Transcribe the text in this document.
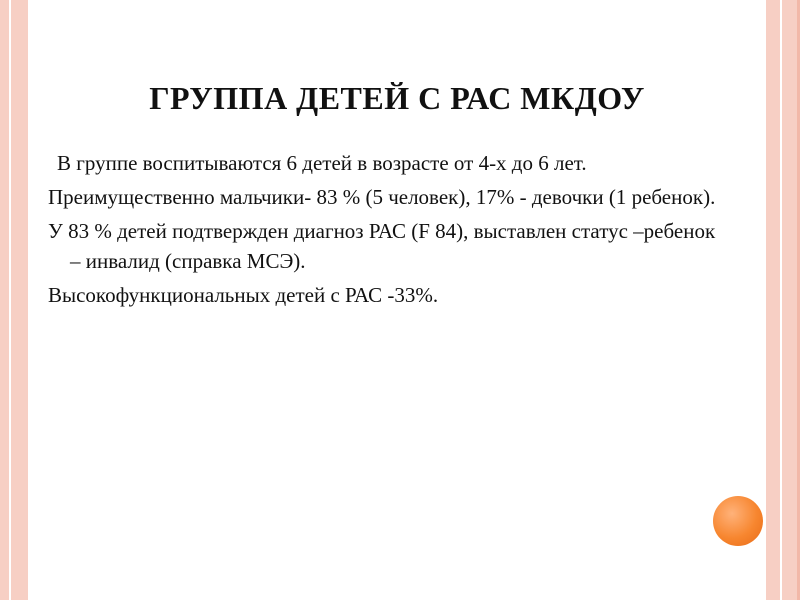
ГРУППА ДЕТЕЙ С РАС МКДОУ

В группе воспитываются 6 детей в возрасте от 4-х до 6 лет.

Преимущественно мальчики- 83 % (5 человек), 17% - девочки (1 ребенок).

У 83 % детей подтвержден диагноз РАС (F 84), выставлен статус –ребенок – инвалид (справка МСЭ).

Высокофункциональных детей с РАС -33%.
